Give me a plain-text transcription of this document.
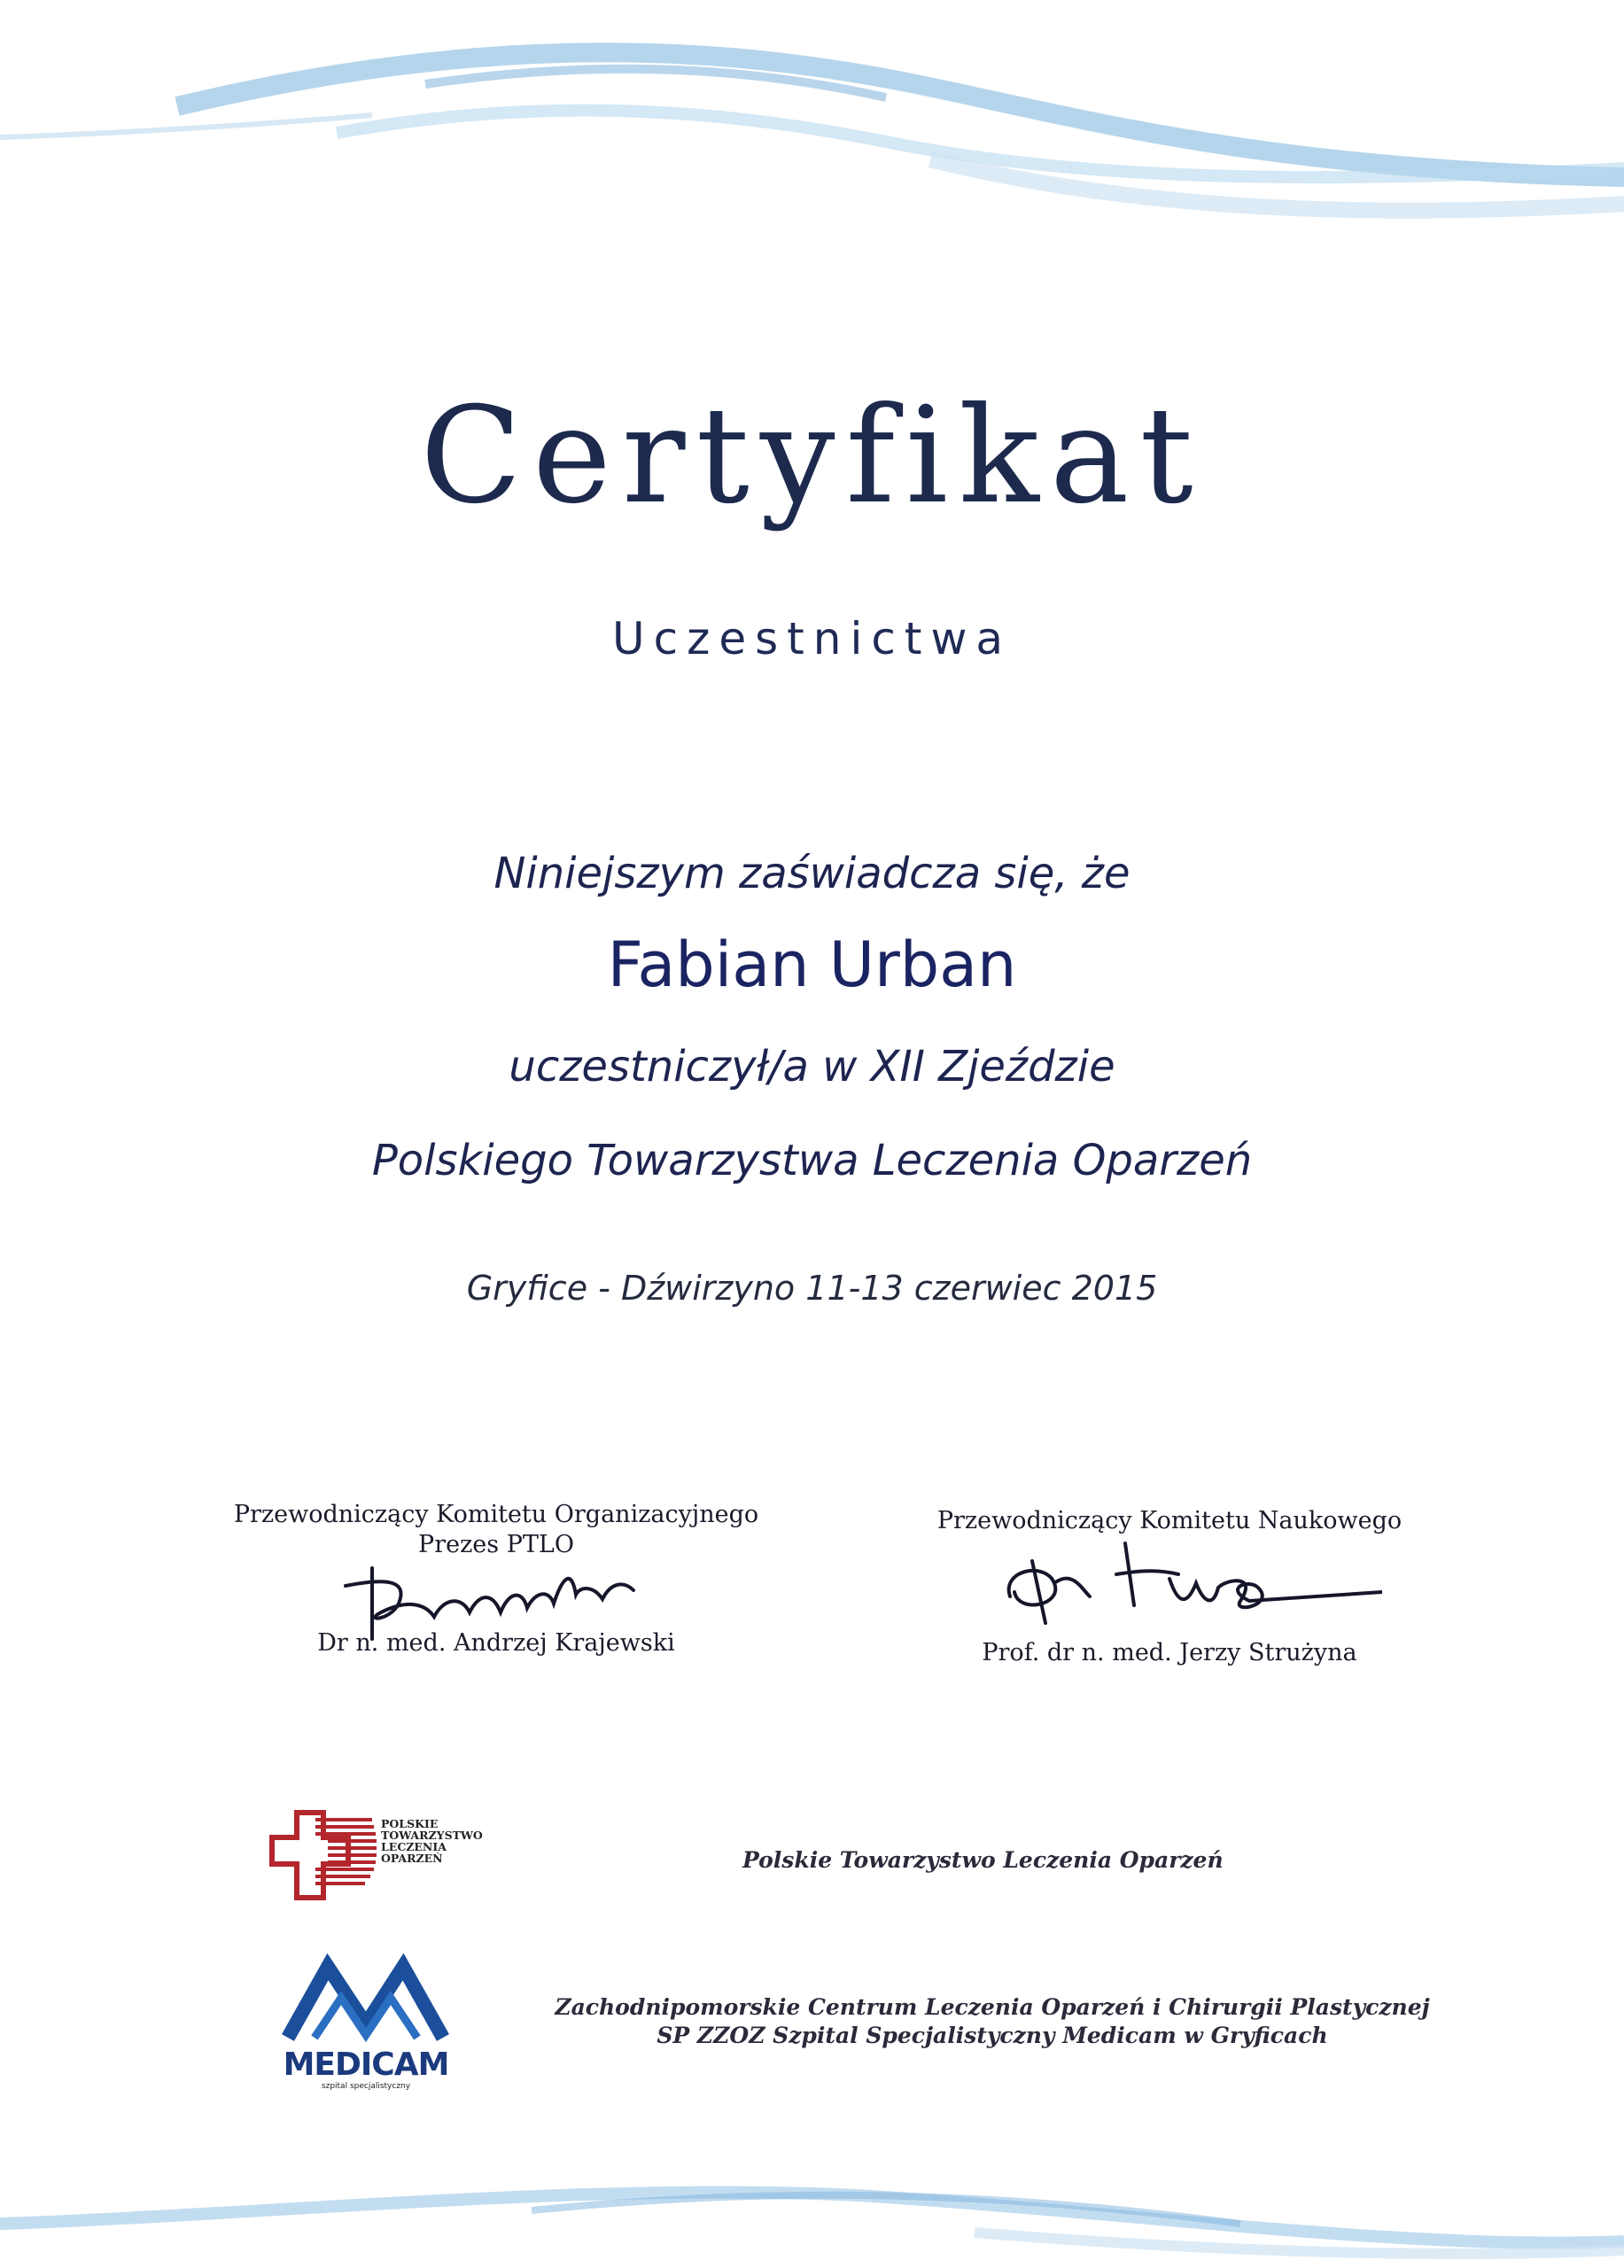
Certyfikat
Uczestnictwa
Niniejszym zaświadcza się, że
Fabian Urban
uczestniczył/a w XII Zjeździe
Polskiego Towarzystwa Leczenia Oparzeń
Gryfice - Dźwirzyno 11-13 czerwiec 2015
Przewodniczący Komitetu Organizacyjnego
Prezes PTLO
Dr n. med. Andrzej Krajewski
Przewodniczący Komitetu Naukowego
Prof. dr n. med. Jerzy Strużyna
POLSKIE
TOWARZYSTWO
LECZENIA
OPARZEŃ	Polskie Towarzystwo Leczenia Oparzeń
MEDICAM
szpital specjalistyczny
Zachodnipomorskie Centrum Leczenia Oparzeń i Chirurgii Plastycznej
SP ZZOZ Szpital Specjalistyczny Medicam w Gryficach
